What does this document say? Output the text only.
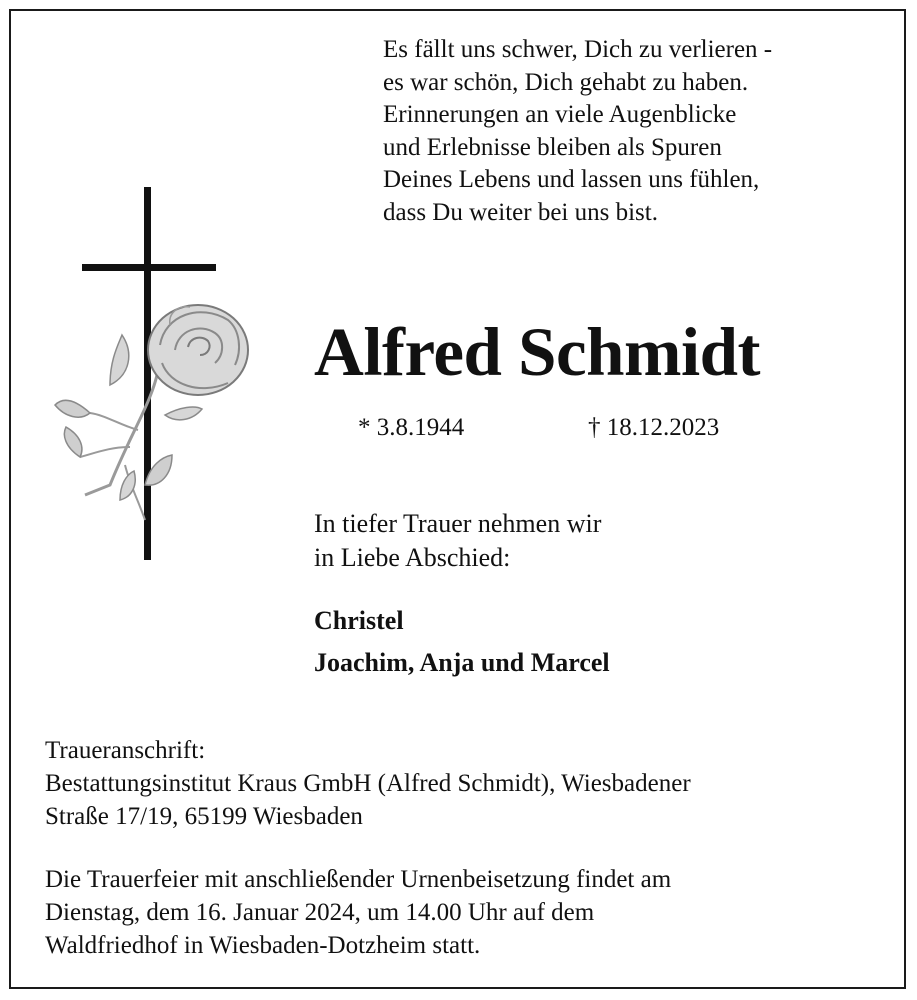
Es fällt uns schwer, Dich zu verlieren -
es war schön, Dich gehabt zu haben.
Erinnerungen an viele Augenblicke
und Erlebnisse bleiben als Spuren
Deines Lebens und lassen uns fühlen,
dass Du weiter bei uns bist.
Alfred Schmidt
* 3.8.1944	† 18.12.2023
In tiefer Trauer nehmen wir
in Liebe Abschied:
Christel
Joachim, Anja und Marcel
Traueranschrift:
Bestattungsinstitut Kraus GmbH (Alfred Schmidt), Wiesbadener
Straße 17/19, 65199 Wiesbaden
Die Trauerfeier mit anschließender Urnenbeisetzung findet am
Dienstag, dem 16. Januar 2024, um 14.00 Uhr auf dem
Waldfriedhof in Wiesbaden-Dotzheim statt.
